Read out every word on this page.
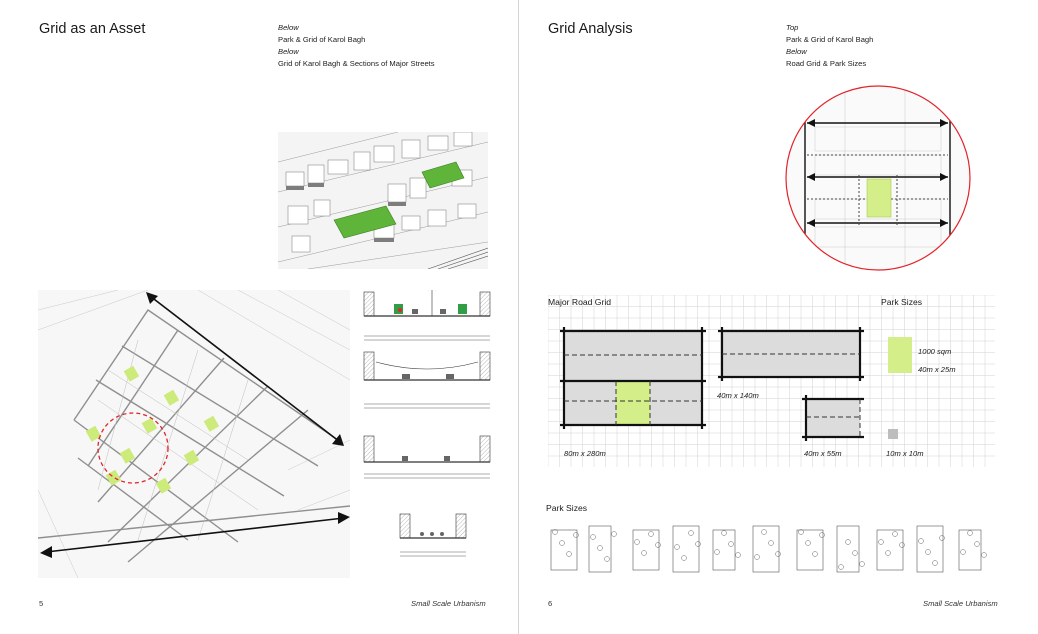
Grid as an Asset	Below
Park & Grid of Karol Bagh
Below
Grid of Karol Bagh & Sections of Major Streets
5	Small Scale Urbanism
Grid Analysis	Top
Park & Grid of Karol Bagh
Below
Road Grid & Park Sizes
Major Road Grid	Park Sizes
80m x 280m
40m x 140m
40m x 55m
1000 sqm
40m x 25m
10m x 10m
Park Sizes
6	Small Scale Urbanism
